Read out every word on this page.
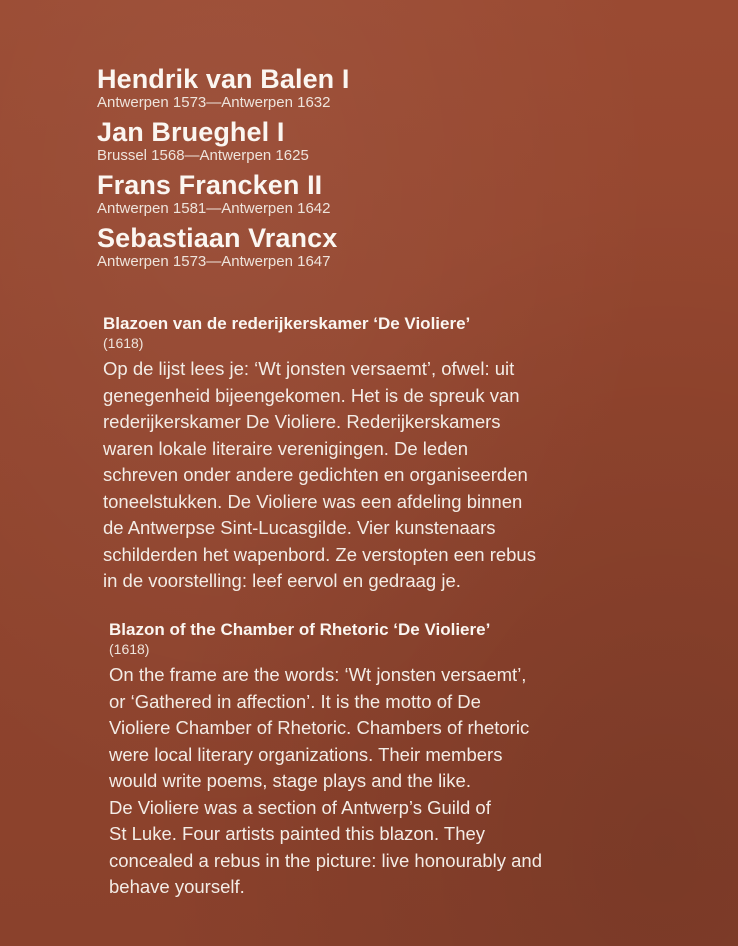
Hendrik van Balen I
Antwerpen 1573—Antwerpen 1632
Jan Brueghel I
Brussel 1568—Antwerpen 1625
Frans Francken II
Antwerpen 1581—Antwerpen 1642
Sebastiaan Vrancx
Antwerpen 1573—Antwerpen 1647
Blazoen van de rederijkerskamer ‘De Violiere’
(1618)

Op de lijst lees je: ‘Wt jonsten versaemt’, ofwel: uit

genegenheid bijeengekomen. Het is de spreuk van

rederijkerskamer De Violiere. Rederijkerskamers

waren lokale literaire verenigingen. De leden

schreven onder andere gedichten en organiseerden

toneelstukken. De Violiere was een afdeling binnen

de Antwerpse Sint-Lucasgilde. Vier kunstenaars

schilderden het wapenbord. Ze verstopten een rebus

in de voorstelling: leef eervol en gedraag je.

Blazon of the Chamber of Rhetoric ‘De Violiere’
(1618)

On the frame are the words: ‘Wt jonsten versaemt’,

or ‘Gathered in affection’. It is the motto of De

Violiere Chamber of Rhetoric. Chambers of rhetoric

were local literary organizations. Their members

would write poems, stage plays and the like.

De Violiere was a section of Antwerp’s Guild of

St Luke. Four artists painted this blazon. They

concealed a rebus in the picture: live honourably and

behave yourself.
